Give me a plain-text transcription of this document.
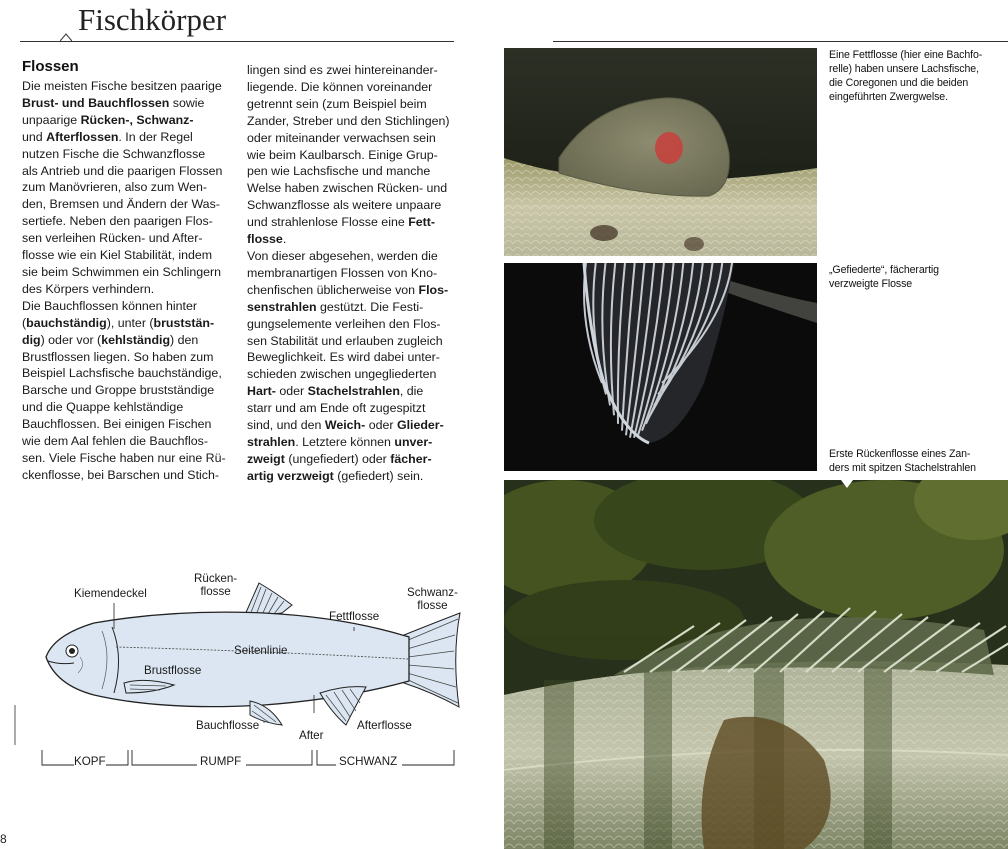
Fischkörper
Flossen
Die meisten Fische besitzen paarige
Brust- und Bauchflossen sowie
unpaarige Rücken-, Schwanz-
und Afterflossen. In der Regel
nutzen Fische die Schwanzflosse
als Antrieb und die paarigen Flossen
zum Manövrieren, also zum Wen-
den, Bremsen und Ändern der Was-
sertiefe. Neben den paarigen Flos-
sen verleihen Rücken- und After-
flosse wie ein Kiel Stabilität, indem
sie beim Schwimmen ein Schlingern
des Körpers verhindern.
Die Bauchflossen können hinter
(bauchständig), unter (bruststän-
dig) oder vor (kehlständig) den
Brustflossen liegen. So haben zum
Beispiel Lachsfische bauchständige,
Barsche und Groppe brustständige
und die Quappe kehlständige
Bauchflossen. Bei einigen Fischen
wie dem Aal fehlen die Bauchflos-
sen. Viele Fische haben nur eine Rü-
ckenflosse, bei Barschen und Stich-
lingen sind es zwei hintereinander-
liegende. Die können voreinander
getrennt sein (zum Beispiel beim
Zander, Streber und den Stichlingen)
oder miteinander verwachsen sein
wie beim Kaulbarsch. Einige Grup-
pen wie Lachsfische und manche
Welse haben zwischen Rücken- und
Schwanzflosse als weitere unpaare
und strahlenlose Flosse eine Fett-
flosse.
Von dieser abgesehen, werden die
membranartigen Flossen von Kno-
chenfischen üblicherweise von Flos-
senstrahlen gestützt. Die Festi-
gungselemente verleihen den Flos-
sen Stabilität und erlauben zugleich
Beweglichkeit. Es wird dabei unter-
schieden zwischen ungegliederten
Hart- oder Stachelstrahlen, die
starr und am Ende oft zugespitzt
sind, und den Weich- oder Glieder-
strahlen. Letztere können unver-
zweigt (ungefiedert) oder fächer-
artig verzweigt (gefiedert) sein.
Eine Fettflosse (hier eine Bachfo-
relle) haben unsere Lachsfische,
die Coregonen und die beiden
eingeführten Zwergwelse.
„Gefiederte“, fächerartig
verzweigte Flosse
Erste Rückenflosse eines Zan-
ders mit spitzen Stachelstrahlen
Kiemendeckel
Rücken-
flosse
Fettflosse
Schwanz-
flosse
Seitenlinie
Brustflosse
Bauchflosse
After
Afterflosse
KOPF	RUMPF	SCHWANZ
8
